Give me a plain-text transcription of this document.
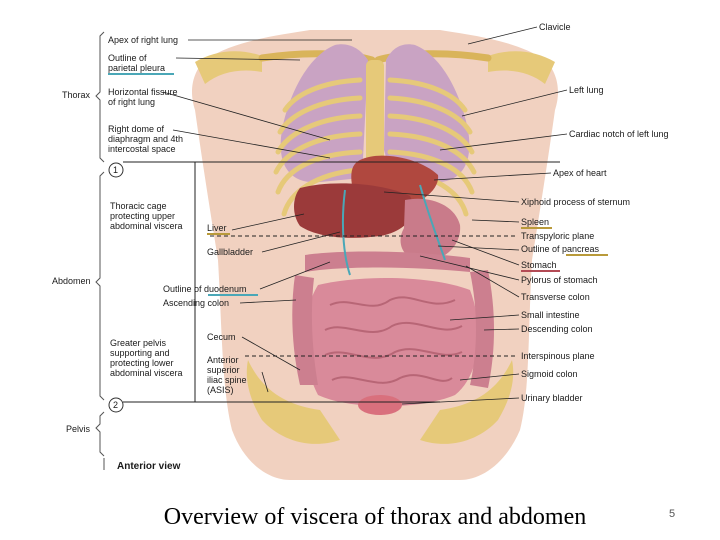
Thorax
Abdomen
Pelvis
1
2
Apex of right lung
Outline of parietal pleura
Horizontal fissure of right lung
Right dome of diaphragm and 4th intercostal space
Thoracic cage protecting upper abdominal viscera
Greater pelvis supporting and protecting lower abdominal viscera
Liver
Gallbladder
Outline of duodenum
Ascending colon
Cecum
Anterior superior iliac spine (ASIS)
Clavicle
Left lung
Cardiac notch of left lung
Apex of heart
Xiphoid process of sternum
Spleen
Transpyloric plane
Outline of pancreas
Stomach
Pylorus of stomach
Transverse colon
Small intestine
Descending colon
Interspinous plane
Sigmoid colon
Urinary bladder
Anterior view
Overview of viscera of thorax and abdomen	5
